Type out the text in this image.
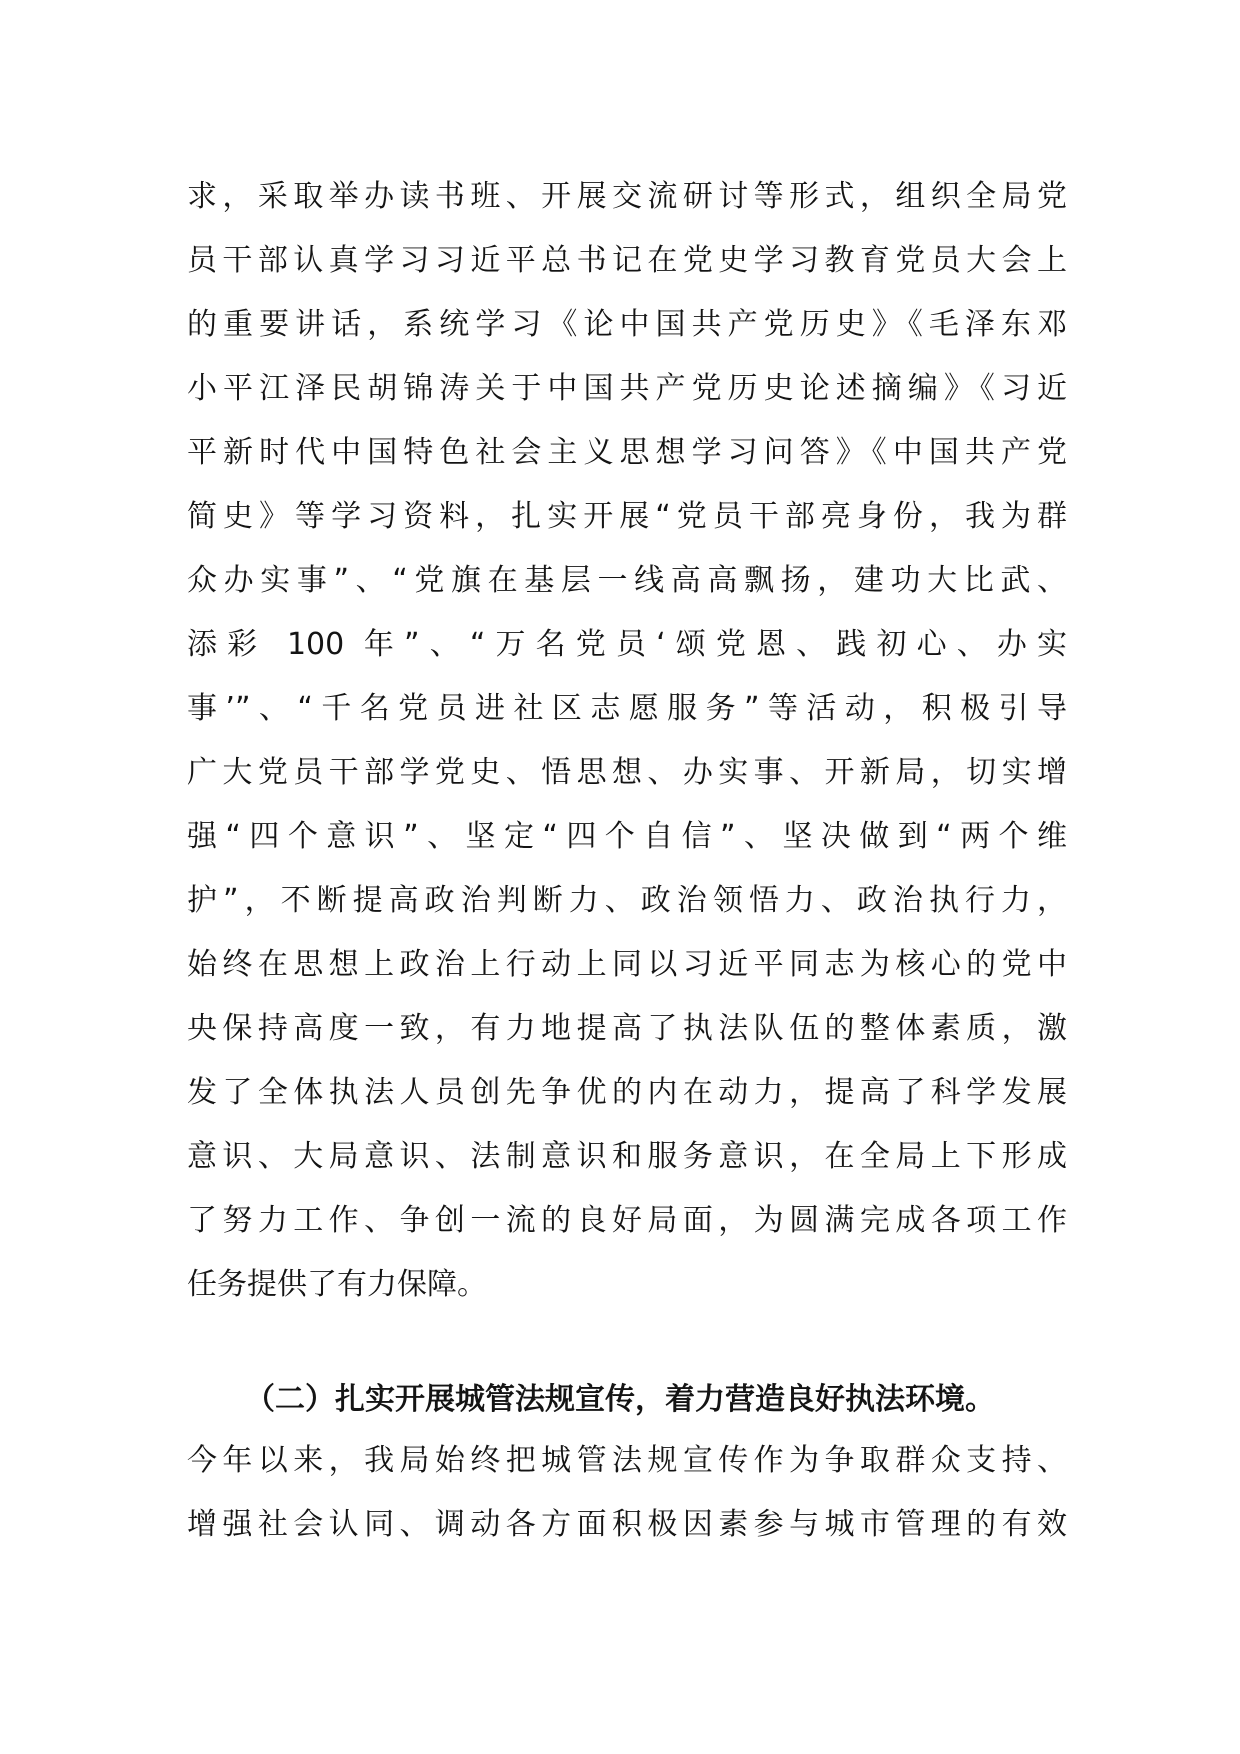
求，采取举办读书班、开展交流研讨等形式，组织全局党
员干部认真学习习近平总书记在党史学习教育党员大会上
的重要讲话，系统学习《论中国共产党历史》《毛泽东邓
小平江泽民胡锦涛关于中国共产党历史论述摘编》《习近
平新时代中国特色社会主义思想学习问答》《中国共产党
简史》等学习资料，扎实开展“党员干部亮身份，我为群
众办实事”、“党旗在基层一线高高飘扬，建功大比武、
添彩 100 年”、“万名党员‘颂党恩、践初心、办实
事’”、“千名党员进社区志愿服务”等活动，积极引导
广大党员干部学党史、悟思想、办实事、开新局，切实增
强“四个意识”、坚定“四个自信”、坚决做到“两个维
护”，不断提高政治判断力、政治领悟力、政治执行力，
始终在思想上政治上行动上同以习近平同志为核心的党中
央保持高度一致，有力地提高了执法队伍的整体素质，激
发了全体执法人员创先争优的内在动力，提高了科学发展
意识、大局意识、法制意识和服务意识，在全局上下形成
了努力工作、争创一流的良好局面，为圆满完成各项工作
任务提供了有力保障。
（二）扎实开展城管法规宣传，着力营造良好执法环境。
今年以来，我局始终把城管法规宣传作为争取群众支持、
增强社会认同、调动各方面积极因素参与城市管理的有效
